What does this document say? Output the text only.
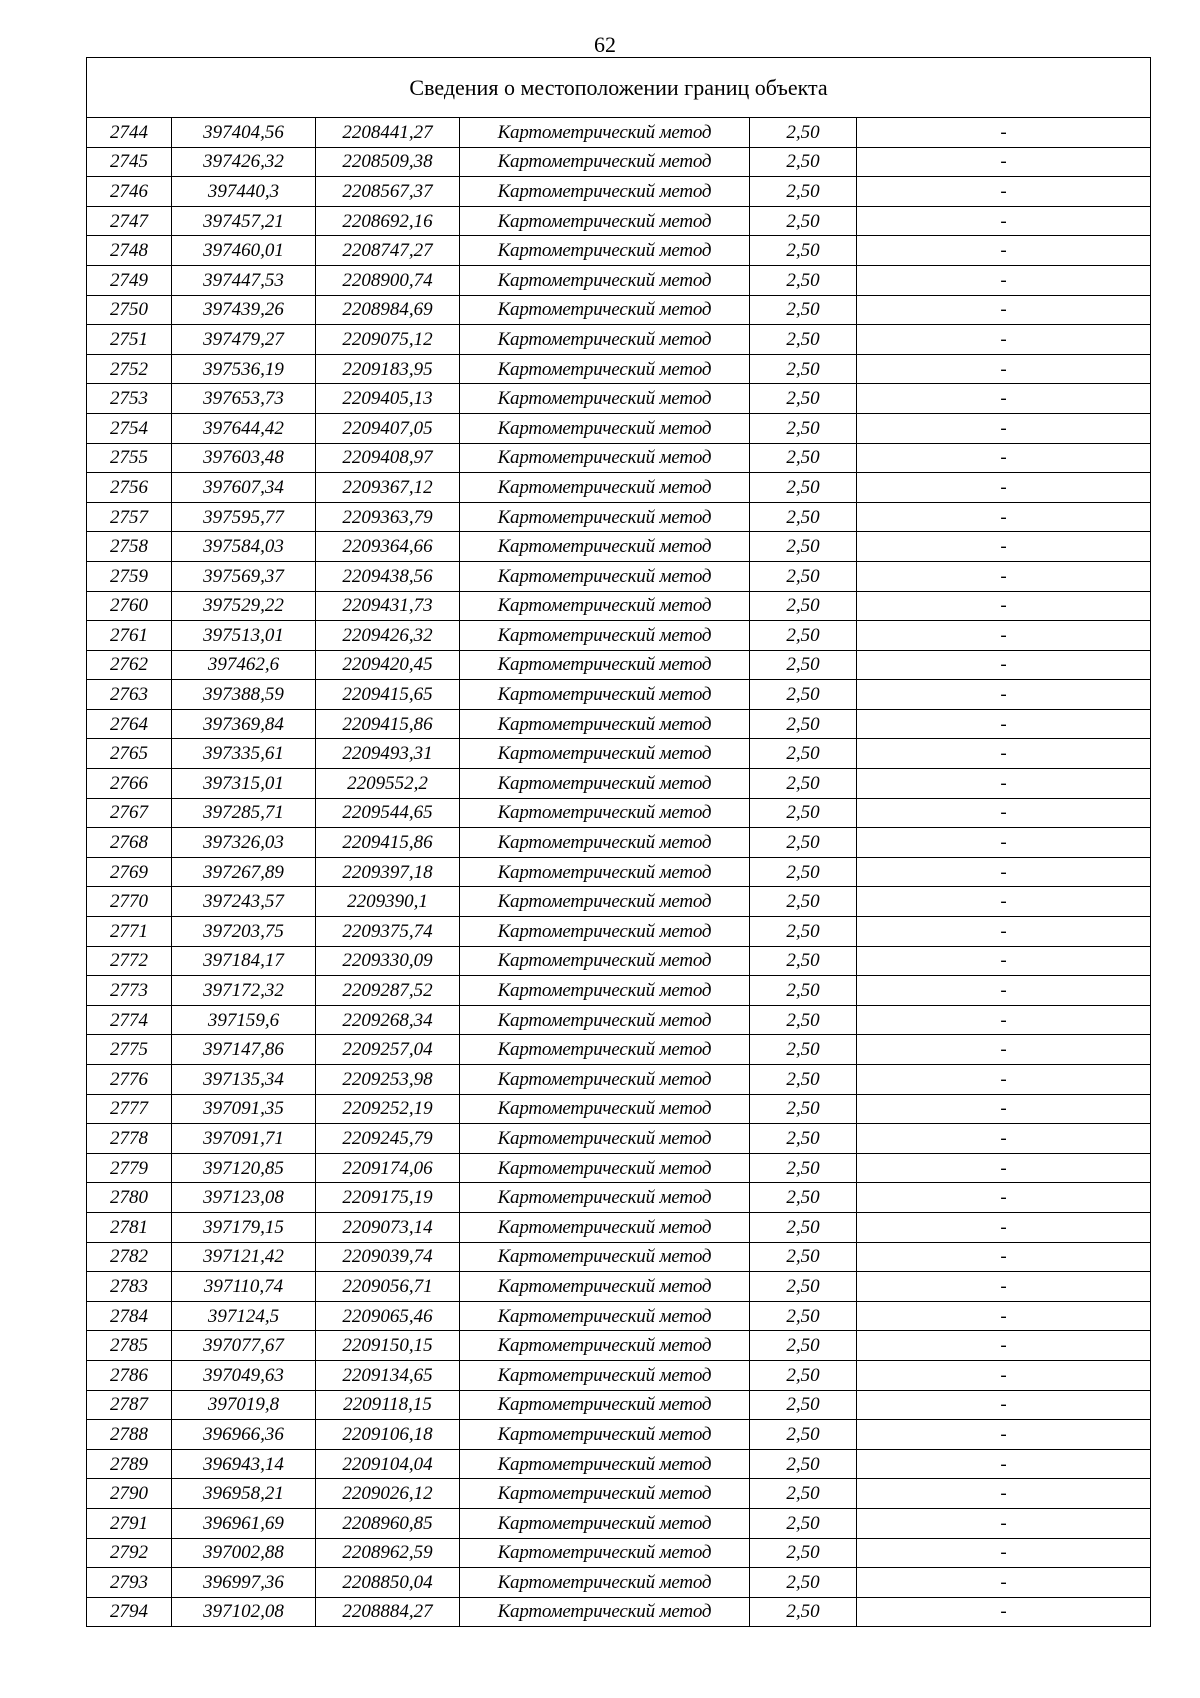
62
Сведения о местоположении границ объекта					
2744	397404,56	2208441,27	Картометрический метод	2,50	-
2745	397426,32	2208509,38	Картометрический метод	2,50	-
2746	397440,3	2208567,37	Картометрический метод	2,50	-
2747	397457,21	2208692,16	Картометрический метод	2,50	-
2748	397460,01	2208747,27	Картометрический метод	2,50	-
2749	397447,53	2208900,74	Картометрический метод	2,50	-
2750	397439,26	2208984,69	Картометрический метод	2,50	-
2751	397479,27	2209075,12	Картометрический метод	2,50	-
2752	397536,19	2209183,95	Картометрический метод	2,50	-
2753	397653,73	2209405,13	Картометрический метод	2,50	-
2754	397644,42	2209407,05	Картометрический метод	2,50	-
2755	397603,48	2209408,97	Картометрический метод	2,50	-
2756	397607,34	2209367,12	Картометрический метод	2,50	-
2757	397595,77	2209363,79	Картометрический метод	2,50	-
2758	397584,03	2209364,66	Картометрический метод	2,50	-
2759	397569,37	2209438,56	Картометрический метод	2,50	-
2760	397529,22	2209431,73	Картометрический метод	2,50	-
2761	397513,01	2209426,32	Картометрический метод	2,50	-
2762	397462,6	2209420,45	Картометрический метод	2,50	-
2763	397388,59	2209415,65	Картометрический метод	2,50	-
2764	397369,84	2209415,86	Картометрический метод	2,50	-
2765	397335,61	2209493,31	Картометрический метод	2,50	-
2766	397315,01	2209552,2	Картометрический метод	2,50	-
2767	397285,71	2209544,65	Картометрический метод	2,50	-
2768	397326,03	2209415,86	Картометрический метод	2,50	-
2769	397267,89	2209397,18	Картометрический метод	2,50	-
2770	397243,57	2209390,1	Картометрический метод	2,50	-
2771	397203,75	2209375,74	Картометрический метод	2,50	-
2772	397184,17	2209330,09	Картометрический метод	2,50	-
2773	397172,32	2209287,52	Картометрический метод	2,50	-
2774	397159,6	2209268,34	Картометрический метод	2,50	-
2775	397147,86	2209257,04	Картометрический метод	2,50	-
2776	397135,34	2209253,98	Картометрический метод	2,50	-
2777	397091,35	2209252,19	Картометрический метод	2,50	-
2778	397091,71	2209245,79	Картометрический метод	2,50	-
2779	397120,85	2209174,06	Картометрический метод	2,50	-
2780	397123,08	2209175,19	Картометрический метод	2,50	-
2781	397179,15	2209073,14	Картометрический метод	2,50	-
2782	397121,42	2209039,74	Картометрический метод	2,50	-
2783	397110,74	2209056,71	Картометрический метод	2,50	-
2784	397124,5	2209065,46	Картометрический метод	2,50	-
2785	397077,67	2209150,15	Картометрический метод	2,50	-
2786	397049,63	2209134,65	Картометрический метод	2,50	-
2787	397019,8	2209118,15	Картометрический метод	2,50	-
2788	396966,36	2209106,18	Картометрический метод	2,50	-
2789	396943,14	2209104,04	Картометрический метод	2,50	-
2790	396958,21	2209026,12	Картометрический метод	2,50	-
2791	396961,69	2208960,85	Картометрический метод	2,50	-
2792	397002,88	2208962,59	Картометрический метод	2,50	-
2793	396997,36	2208850,04	Картометрический метод	2,50	-
2794	397102,08	2208884,27	Картометрический метод	2,50	-
